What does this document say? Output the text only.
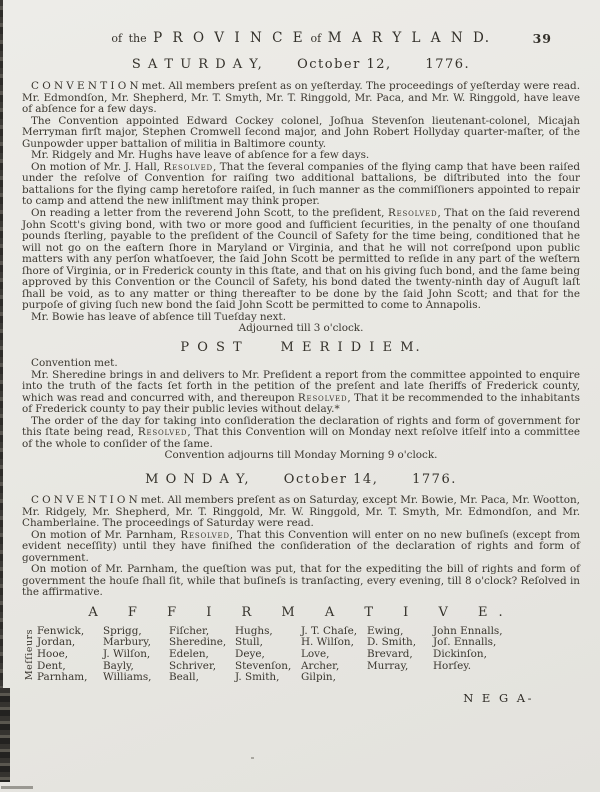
of the P R O V I N C E of M A R Y L A N D.	39
S A T U R D A Y,      October 12,      1776.

C O N V E N T I O N met. All members preſent as on yeſterday. The proceedings of yeſterday were read. Mr. Edmondſon, Mr. Shepherd, Mr. T. Smyth, Mr. T. Ringgold, Mr. Paca, and Mr. W. Ringgold, have leave of abſence for a few days.

The Convention appointed Edward Cockey colonel, Joſhua Stevenſon lieutenant-colonel, Micajah Merryman firſt major, Stephen Cromwell ſecond major, and John Robert Hollyday quarter-maſter, of the Gunpowder upper battalion of militia in Baltimore county.

Mr. Ridgely and Mr. Hughs have leave of abſence for a few days.

On motion of Mr. J. Hall, Resolved, That the ſeveral companies of the flying camp that have been raiſed under the reſolve of Convention for raiſing two additional battalions, be diſtributed into the four battalions for the flying camp heretofore raiſed, in ſuch manner as the commiſſioners appointed to repair to camp and attend the new inliſtment may think proper.

On reading a letter from the reverend John Scott, to the preſident, Resolved, That on the ſaid reverend John Scott's giving bond, with two or more good and ſufficient ſecurities, in the penalty of one thouſand pounds ſterling, payable to the preſident of the Council of Safety for the time being, conditioned that he will not go on the eaſtern ſhore in Maryland or Virginia, and that he will not correſpond upon public matters with any perſon whatſoever, the ſaid John Scott be permitted to reſide in any part of the weſtern ſhore of Virginia, or in Frederick county in this ſtate, and that on his giving ſuch bond, and the ſame being approved by this Convention or the Council of Safety, his bond dated the twenty-ninth day of Auguſt laſt ſhall be void, as to any matter or thing thereafter to be done by the ſaid John Scott; and that for the purpoſe of giving ſuch new bond the ſaid John Scott be permitted to come to Annapolis.

Mr. Bowie has leave of abſence till Tueſday next.

Adjourned till 3 o'clock.

P O S T      M E R I D I E M.

Convention met.

Mr. Sheredine brings in and delivers to Mr. Preſident a report from the committee appointed to enquire into the truth of the facts ſet forth in the petition of the preſent and late ſheriffs of Frederick county, which was read and concurred with, and thereupon Resolved, That it be recommended to the inhabitants of Frederick county to pay their public levies without delay.*

The order of the day for taking into conſideration the declaration of rights and form of government for this ſtate being read, Resolved, That this Convention will on Monday next reſolve itſelf into a committee of the whole to conſider of the ſame.

Convention adjourns till Monday Morning 9 o'clock.

M O N D A Y,      October 14,      1776.

C O N V E N T I O N met. All members preſent as on Saturday, except Mr. Bowie, Mr. Paca, Mr. Wootton, Mr. Ridgely, Mr. Shepherd, Mr. T. Ringgold, Mr. W. Ringgold, Mr. T. Smyth, Mr. Edmondſon, and Mr. Chamberlaine. The proceedings of Saturday were read.

On motion of Mr. Parnham, Resolved, That this Convention will enter on no new buſineſs (except from evident neceſſity) until they have finiſhed the conſideration of the declaration of rights and form of government.

On motion of Mr. Parnham, the queſtion was put, that for the expediting the bill of rights and form of government the houſe ſhall ſit, while that buſineſs is tranſacting, every evening, till 8 o'clock? Reſolved in the affirmative.

A F F I R M A T I V E.
Meſſieurs Fenwick,
Jordan,
Hooe,
Dent,
Parnham,
Sprigg,
Marbury,
J. Wilſon,
Bayly,
Williams,
Fiſcher,
Sheredine,
Edelen,
Schriver,
Beall,
Hughs,
Stull,
Deye,
Stevenſon,
J. Smith,
J. T. Chaſe,
H. Wilſon,
Love,
Archer,
Gilpin,
Ewing,
D. Smith,
Brevard,
Murray,
John Ennalls,
Joſ. Ennalls,
Dickinſon,
Horſey.
N E G A-
